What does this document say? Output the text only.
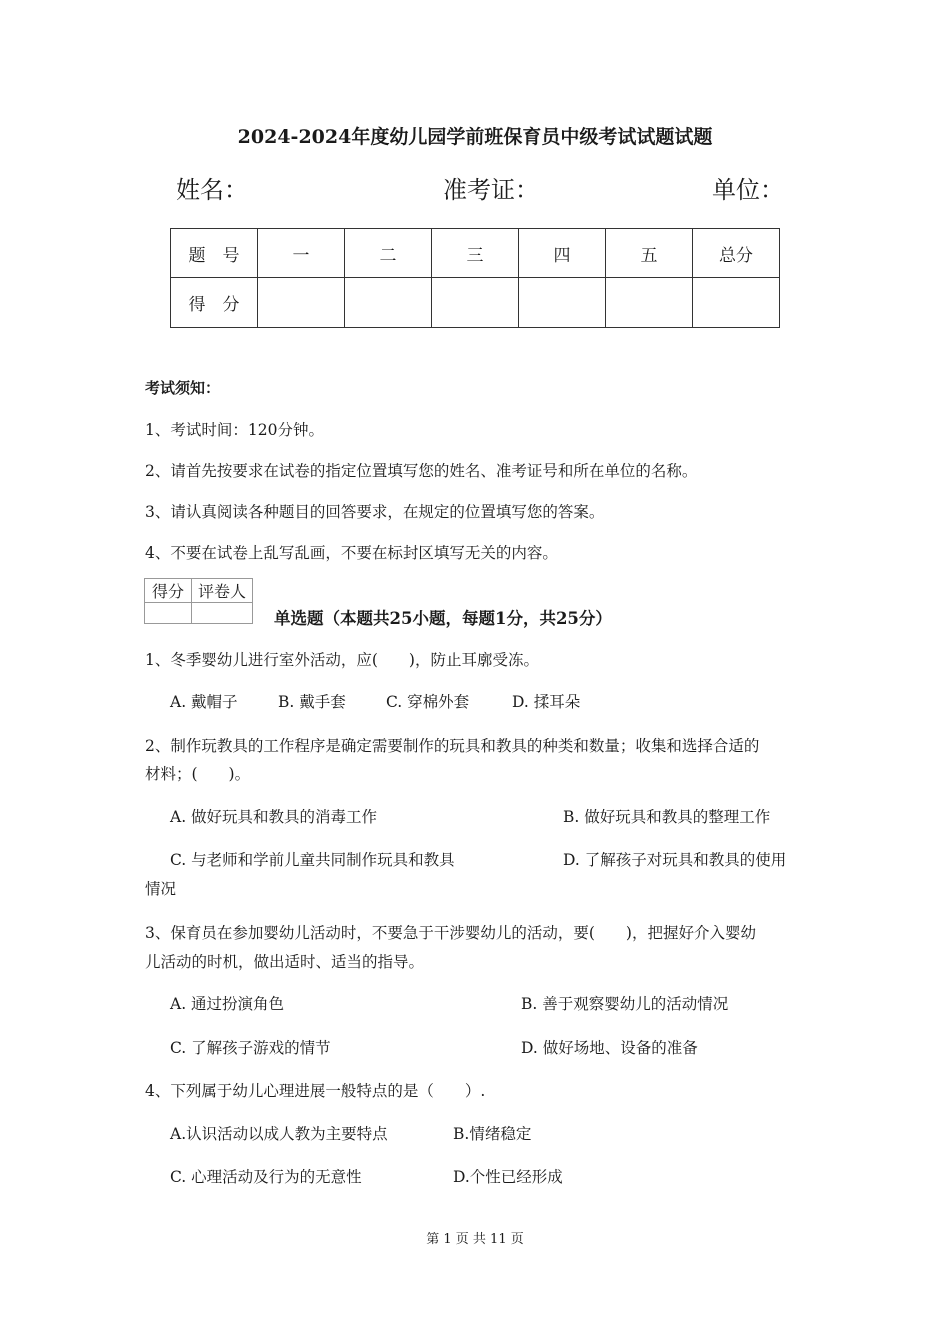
2024-2024年度幼儿园学前班保育员中级考试试题试题
姓名：	准考证：	单位：
题　号	一	二	三	四	五	总分
得　分						
考试须知：
1、考试时间：120分钟。
2、请首先按要求在试卷的指定位置填写您的姓名、准考证号和所在单位的名称。
3、请认真阅读各种题目的回答要求，在规定的位置填写您的答案。
4、不要在试卷上乱写乱画，不要在标封区填写无关的内容。
得分	评卷人

单选题（本题共25小题，每题1分，共25分）
1、冬季婴幼儿进行室外活动，应(　　)，防止耳廓受冻。
A. 戴帽子	B. 戴手套	C. 穿棉外套	D. 揉耳朵
2、制作玩教具的工作程序是确定需要制作的玩具和教具的种类和数量；收集和选择合适的
材料；(　　)。
A. 做好玩具和教具的消毒工作	B. 做好玩具和教具的整理工作
C. 与老师和学前儿童共同制作玩具和教具	D. 了解孩子对玩具和教具的使用
情况
3、保育员在参加婴幼儿活动时，不要急于干涉婴幼儿的活动，要(　　)，把握好介入婴幼
儿活动的时机，做出适时、适当的指导。
A. 通过扮演角色	B. 善于观察婴幼儿的活动情况
C. 了解孩子游戏的情节	D. 做好场地、设备的准备
4、下列属于幼儿心理进展一般特点的是（　　）.
A.认识活动以成人教为主要特点	B.情绪稳定
C. 心理活动及行为的无意性	D.个性已经形成
第 1 页 共 11 页
